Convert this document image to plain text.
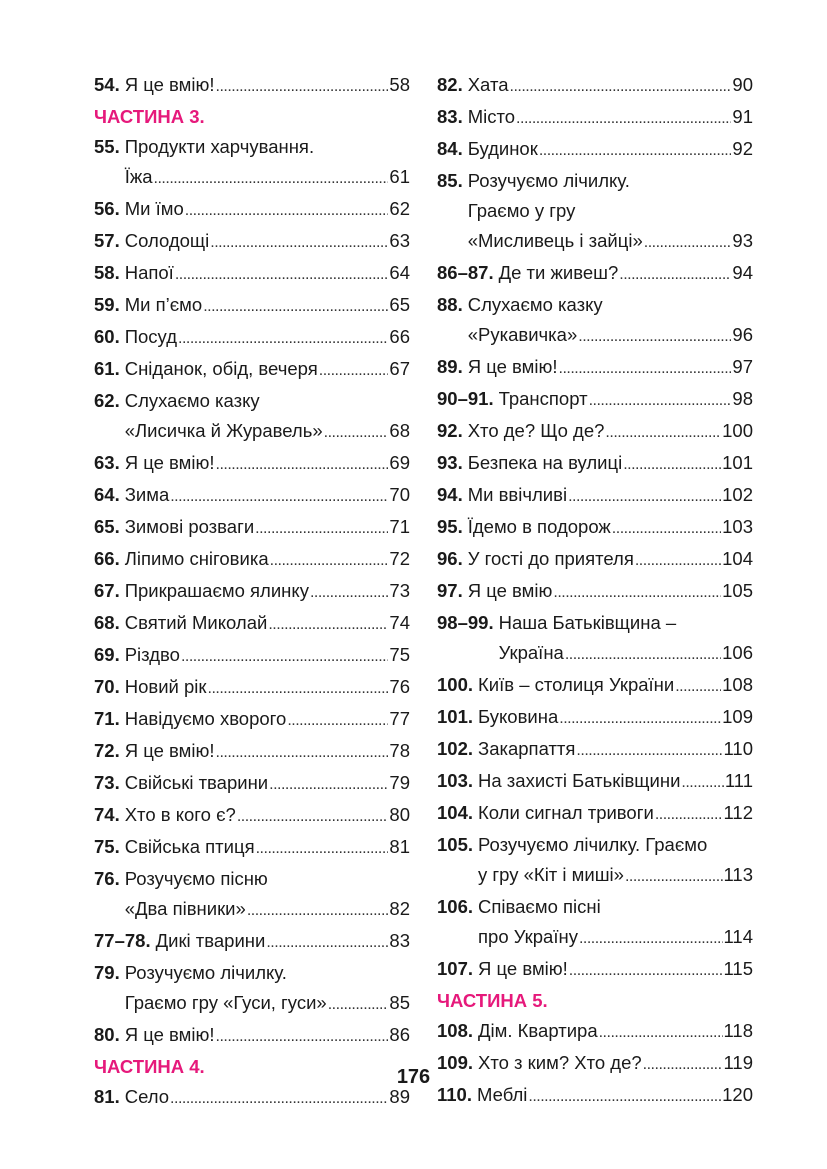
54. Я це вмію! .....	58
ЧАСТИНА 3.
55. Продукти харчування.
Їжа .....	61
56. Ми їмо .....	62
57. Солодощі .....	63
58. Напої .....	64
59. Ми п’ємо .....	65
60. Посуд .....	66
61. Сніданок, обід, вечеря .....	67
62. Слухаємо казку
«Лисичка й Журавель» .....	68
63. Я це вмію! .....	69
64. Зима .....	70
65. Зимові розваги .....	71
66. Ліпимо сніговика .....	72
67. Прикрашаємо ялинку .....	73
68. Святий Миколай .....	74
69. Різдво .....	75
70. Новий рік .....	76
71. Навідуємо хворого .....	77
72. Я це вмію! .....	78
73. Свійські тварини .....	79
74. Хто в кого є? .....	80
75. Свійська птиця .....	81
76. Розучуємо пісню
«Два півники» .....	82
77–78. Дикі тварини .....	83
79. Розучуємо лічилку.
Граємо гру «Гуси, гуси» .....	85
80. Я це вмію! .....	86
ЧАСТИНА 4.
81. Село .....	89
82. Хата .....	90
83. Місто .....	91
84. Будинок .....	92
85. Розучуємо лічилку.
Граємо у гру
«Мисливець і зайці» .....	93
86–87. Де ти живеш? .....	94
88. Слухаємо казку
«Рукавичка» .....	96
89. Я це вмію! .....	97
90–91. Транспорт .....	98
92. Хто де? Що де? .....	100
93. Безпека на вулиці .....	101
94. Ми ввічливі .....	102
95. Їдемо в подорож .....	103
96. У гості до приятеля .....	104
97. Я це вмію .....	105
98–99. Наша Батьківщина –
Україна .....	106
100. Київ – столиця України .....	108
101. Буковина .....	109
102. Закарпаття .....	110
103. На захисті Батьківщини ..... 111
104. Коли сигнал тривоги .....	112
105. Розучуємо лічилку. Граємо
у гру «Кіт і миші» .....	113
106. Співаємо пісні
про Україну .....	114
107. Я це вмію! .....	115
ЧАСТИНА 5.
108. Дім. Квартира .....	118
109. Хто з ким? Хто де? .....	119
110. Меблі .....	120
176
